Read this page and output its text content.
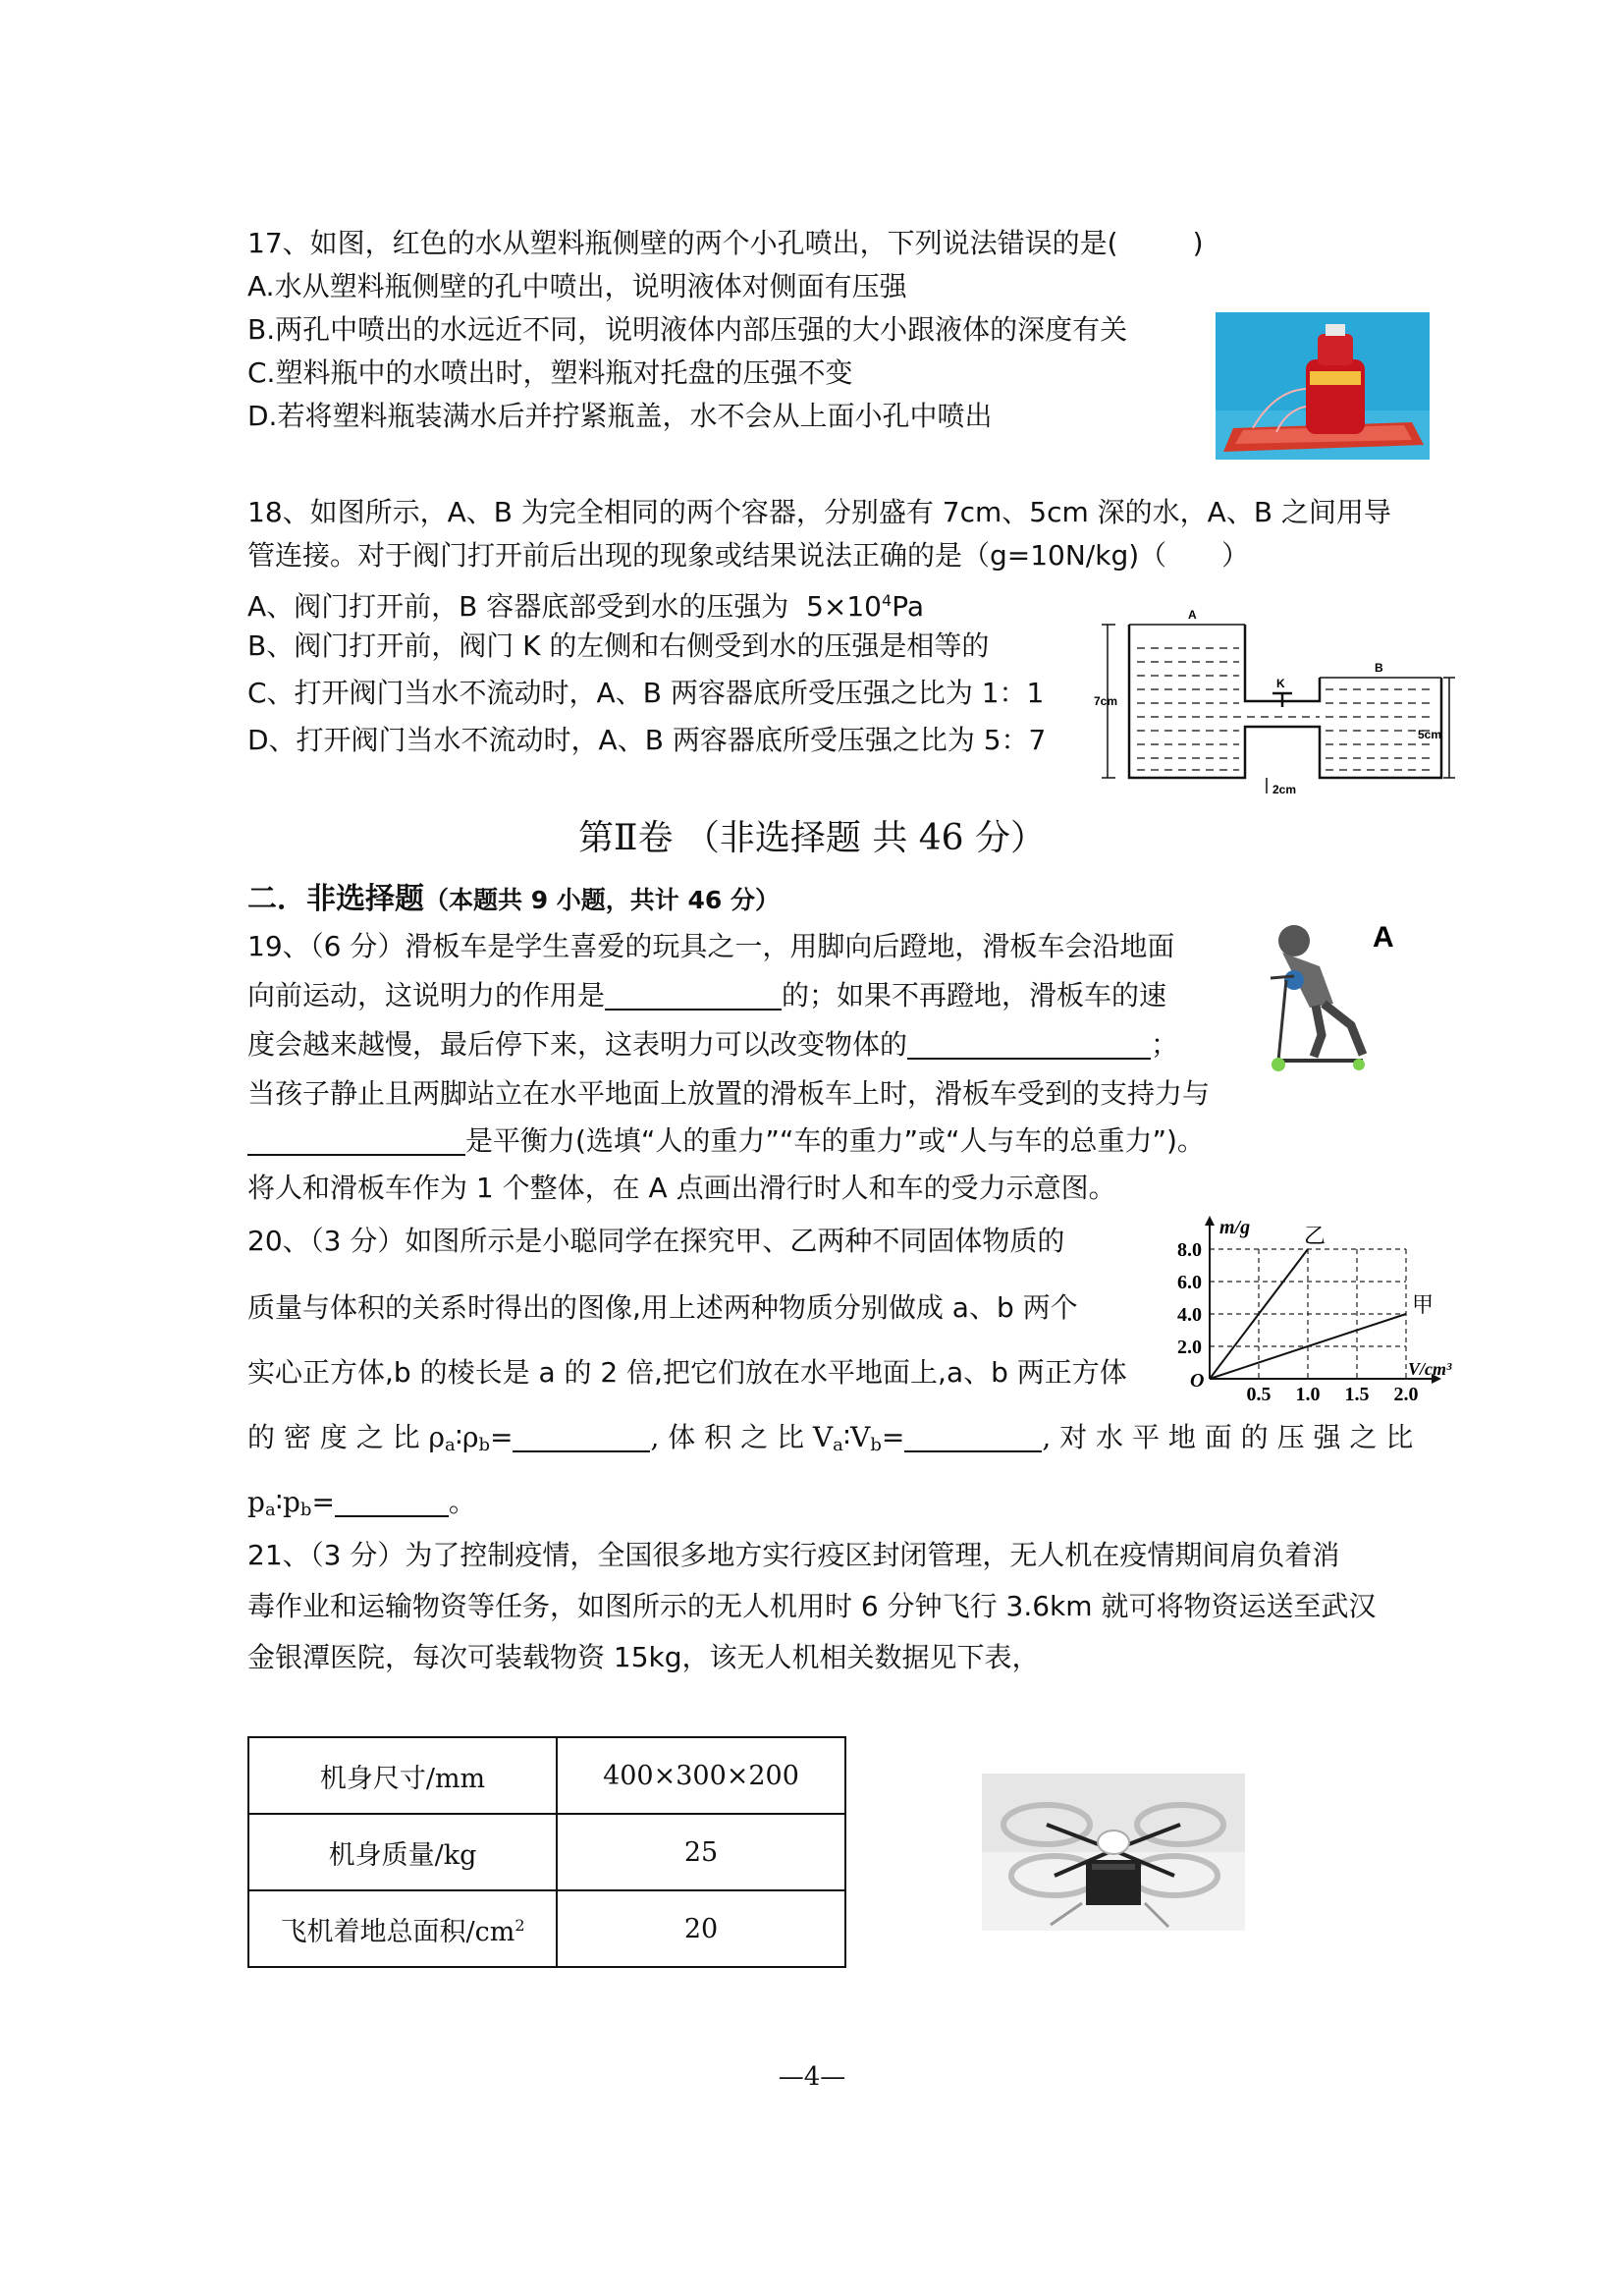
17、如图，红色的水从塑料瓶侧壁的两个小孔喷出，下列说法错误的是(	)
A.水从塑料瓶侧壁的孔中喷出，说明液体对侧面有压强
B.两孔中喷出的水远近不同，说明液体内部压强的大小跟液体的深度有关
C.塑料瓶中的水喷出时，塑料瓶对托盘的压强不变
D.若将塑料瓶装满水后并拧紧瓶盖，水不会从上面小孔中喷出
18、如图所示，A、B 为完全相同的两个容器，分别盛有 7cm、5cm 深的水，A、B 之间用导
管连接。对于阀门打开前后出现的现象或结果说法正确的是（g=10N/kg)（ ）
A、阀门打开前，B 容器底部受到水的压强为 $5\times 10^4Pa$
B、阀门打开前，阀门 K 的左侧和右侧受到水的压强是相等的
C、打开阀门当水不流动时，A、B 两容器底所受压强之比为 1：1
D、打开阀门当水不流动时，A、B 两容器底所受压强之比为 5：7
A
B
K
7cm
5cm
2cm
第Ⅱ卷 （非选择题 共 46 分）
二．非选择题（本题共 9 小题，共计 46 分）
19、（6 分）滑板车是学生喜爱的玩具之一，用脚向后蹬地，滑板车会沿地面
向前运动，这说明力的作用是	的；如果不再蹬地，滑板车的速
度会越来越慢，最后停下来，这表明力可以改变物体的	；
当孩子静止且两脚站立在水平地面上放置的滑板车上时，滑板车受到的支持力与
是平衡力(选填“人的重力”“车的重力”或“人与车的总重力”)。
将人和滑板车作为 1 个整体，在 A 点画出滑行时人和车的受力示意图。
A
20、（3 分）如图所示是小聪同学在探究甲、乙两种不同固体物质的
质量与体积的关系时得出的图像,用上述两种物质分别做成 a、b 两个
实心正方体,b 的棱长是 a 的 2 倍,把它们放在水平地面上,a、b 两正方体
的 密 度 之 比 $\rho_a∶\rho_b=$	, 体 积 之 比 $V_a∶V_b=$	, 对 水 平 地 面 的 压 强 之 比
$p_a∶p_b=$	。
0.5 1.0 1.5 2.0
2.0
4.0
6.0
8.0
O
m/g
V/cm³
乙
甲
21、（3 分）为了控制疫情，全国很多地方实行疫区封闭管理，无人机在疫情期间肩负着消
毒作业和运输物资等任务，如图所示的无人机用时 6 分钟飞行 3.6km 就可将物资运送至武汉
金银潭医院，每次可装载物资 15kg，该无人机相关数据见下表，
机身尺寸/mm	400×300×200
机身质量/kg	25
飞机着地总面积$/cm^2$	20
—4—
